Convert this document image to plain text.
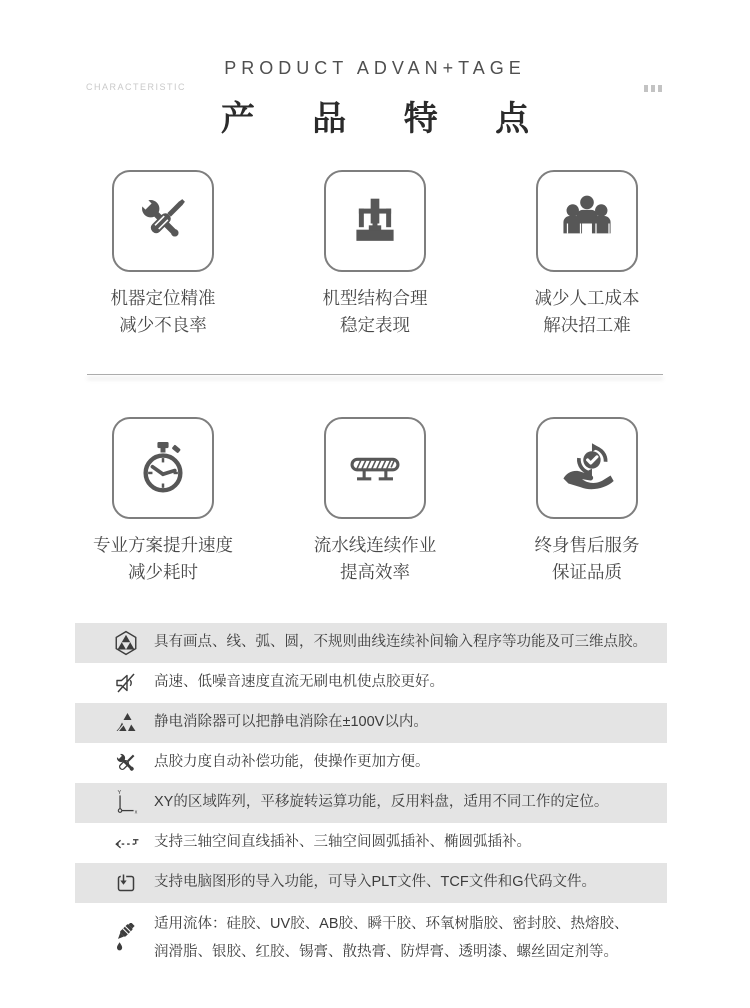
CHARACTERISTIC
PRODUCT ADVAN+TAGE
产 品 特 点
机器定位精准
减少不良率
机型结构合理
稳定表现
减少人工成本
解决招工难
专业方案提升速度
减少耗时
流水线连续作业
提高效率
终身售后服务
保证品质
具有画点、线、弧、圆，不规则曲线连续补间输入程序等功能及可三维点胶。
高速、低噪音速度直流无刷电机使点胶更好。
静电消除器可以把静电消除在±100V以内。
点胶力度自动补偿功能，使操作更加方便。
Y
x
XY的区域阵列，平移旋转运算功能，反用料盘，适用不同工作的定位。
支持三轴空间直线插补、三轴空间圆弧插补、椭圆弧插补。
支持电脑图形的导入功能，可导入PLT文件、TCF文件和G代码文件。
适用流体：硅胶、UV胶、AB胶、瞬干胶、环氧树脂胶、密封胶、热熔胶、润滑脂、银胶、红胶、锡膏、散热膏、防焊膏、透明漆、螺丝固定剂等。
